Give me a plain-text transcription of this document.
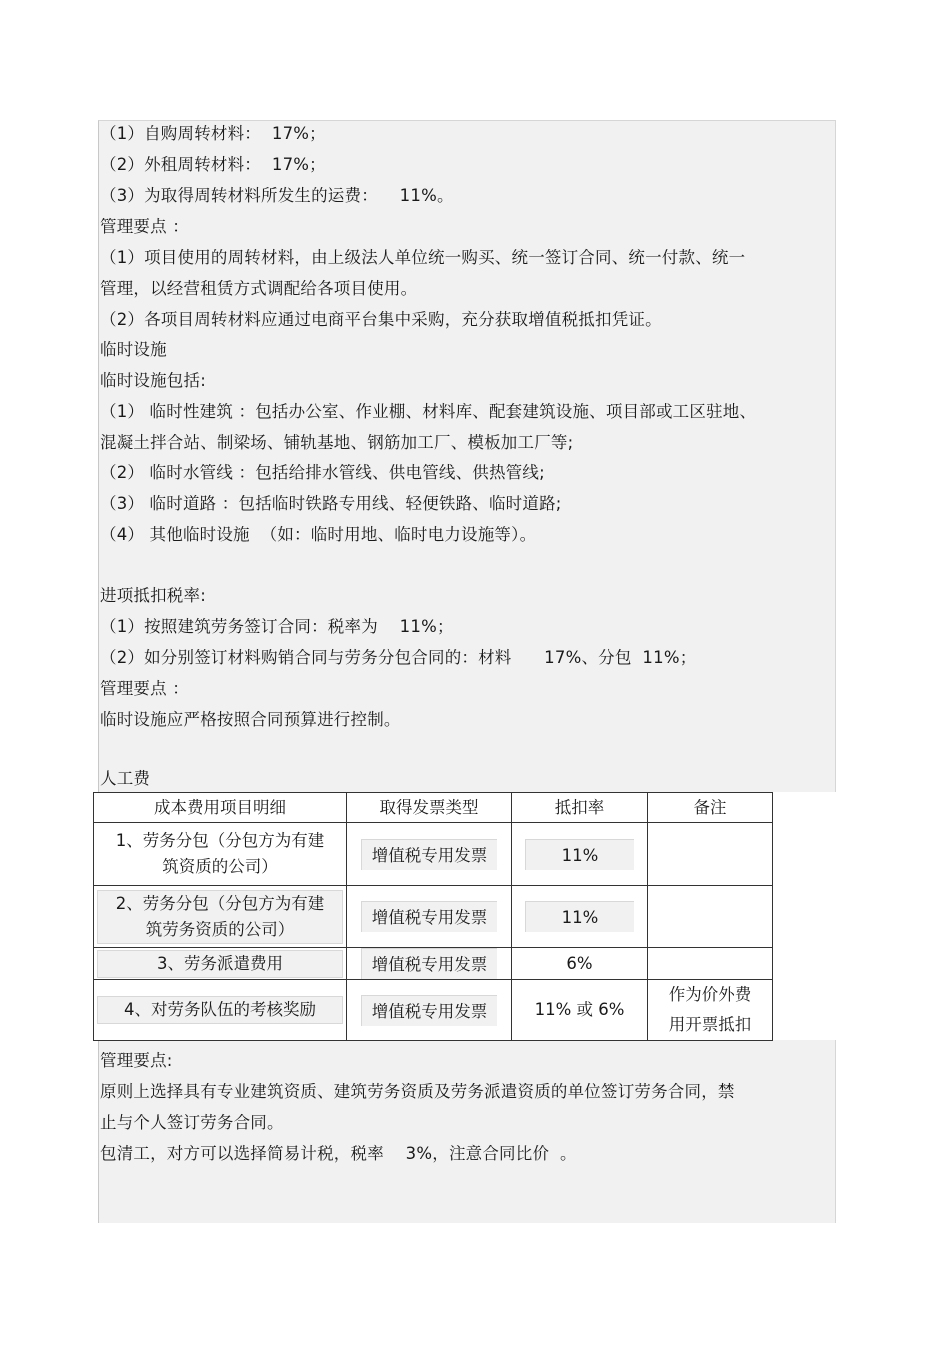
（1）自购周转材料：  17%；
（2）外租周转材料：  17%；
（3）为取得周转材料所发生的运费：    11%。
管理要点 ：
（1）项目使用的周转材料，由上级法人单位统一购买、统一签订合同、统一付款、统一
管理，以经营租赁方式调配给各项目使用。
（2）各项目周转材料应通过电商平台集中采购，充分获取增值税抵扣凭证。
临时设施
临时设施包括:
（1） 临时性建筑 ：包括办公室、作业棚、材料库、配套建筑设施、项目部或工区驻地、
混凝土拌合站、制梁场、铺轨基地、钢筋加工厂、模板加工厂等;
（2） 临时水管线 ：包括给排水管线、供电管线、供热管线;
（3） 临时道路 ：包括临时铁路专用线、轻便铁路、临时道路;
（4） 其他临时设施  （如：临时用地、临时电力设施等）。
进项抵扣税率:
（1）按照建筑劳务签订合同：税率为    11%；
（2）如分别签订材料购销合同与劳务分包合同的：材料      17%、分包  11%；
管理要点 ：
临时设施应严格按照合同预算进行控制。
人工费
成本费用项目明细	取得发票类型	抵扣率	备注

1、劳务分包（分包方为有建
筑资质的公司）	增值税专用发票	11%	

2、劳务分包（分包方为有建
筑劳务资质的公司）	增值税专用发票	11%	

3、劳务派遣费用	增值税专用发票	6%	

4、对劳务队伍的考核奖励	增值税专用发票	11% 或 6%	作为价外费
用开票抵扣
管理要点:
原则上选择具有专业建筑资质、建筑劳务资质及劳务派遣资质的单位签订劳务合同，禁
止与个人签订劳务合同。
包清工，对方可以选择简易计税，税率    3%，注意合同比价  。
